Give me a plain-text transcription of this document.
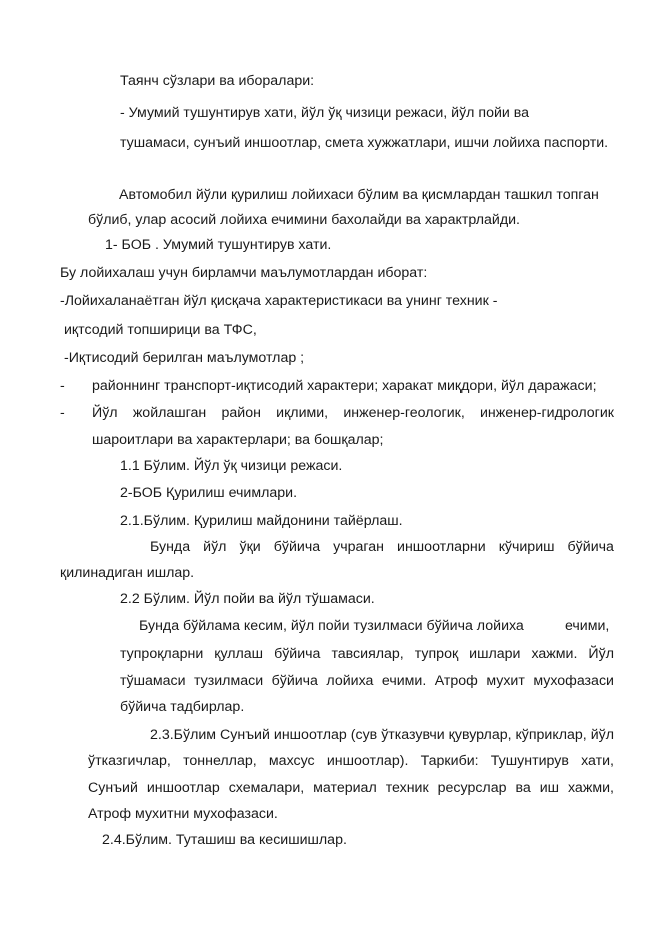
Таянч сўзлари ва иборалари:

- Умумий тушунтирув хати, йўл ўқ чизици режаси, йўл пойи ва

тушамаси, сунъий иншоотлар, смета хужжатлари, ишчи лойиха паспорти.

Автомобил йўли қурилиш лойихаси бўлим ва қисмлардан ташкил топган

бўлиб, улар асосий лойиха ечимини бахолайди ва характрлайди.

1- БОБ . Умумий тушунтирув хати.

Бу лойихалаш учун бирламчи маълумотлардан иборат:

-Лойихаланаётган йўл қисқача характеристикаси ва унинг техник -

иқтсодий топширици ва ТФС,

-Иқтисодий берилган маълумотлар ;

- районнинг транспорт-иқтисодий характери; харакат миқдори, йўл даражаси;

- Йўл жойлашган район иқлими, инженер-геологик, инженер-гидрологик

шароитлари ва характерлари; ва бошқалар;

1.1 Бўлим. Йўл ўқ чизици режаси.

2-БОБ Қурилиш ечимлари.

2.1.Бўлим. Қурилиш майдонини тайёрлаш.

Бунда йўл ўқи бўйича учраган иншоотларни кўчириш бўйича

қилинадиган ишлар.

2.2 Бўлим. Йўл пойи ва йўл тўшамаси.

Бунда бўйлама кесим, йўл пойи тузилмаси бўйича лойиха	ечими,

тупроқларни қуллаш бўйича тавсиялар, тупроқ ишлари хажми. Йўл
тўшамаси тузилмаси бўйича лойиха ечими. Атроф мухит мухофазаси

бўйича тадбирлар.

2.3.Бўлим Сунъий иншоотлар (сув ўтказувчи қувурлар, кўприклар, йўл
ўтказгичлар, тоннеллар, махсус иншоотлар). Таркиби: Тушунтирув хати,
Сунъий иншоотлар схемалари, материал техник ресурслар ва иш хажми,

Атроф мухитни мухофазаси.

2.4.Бўлим. Туташиш ва кесишишлар.
